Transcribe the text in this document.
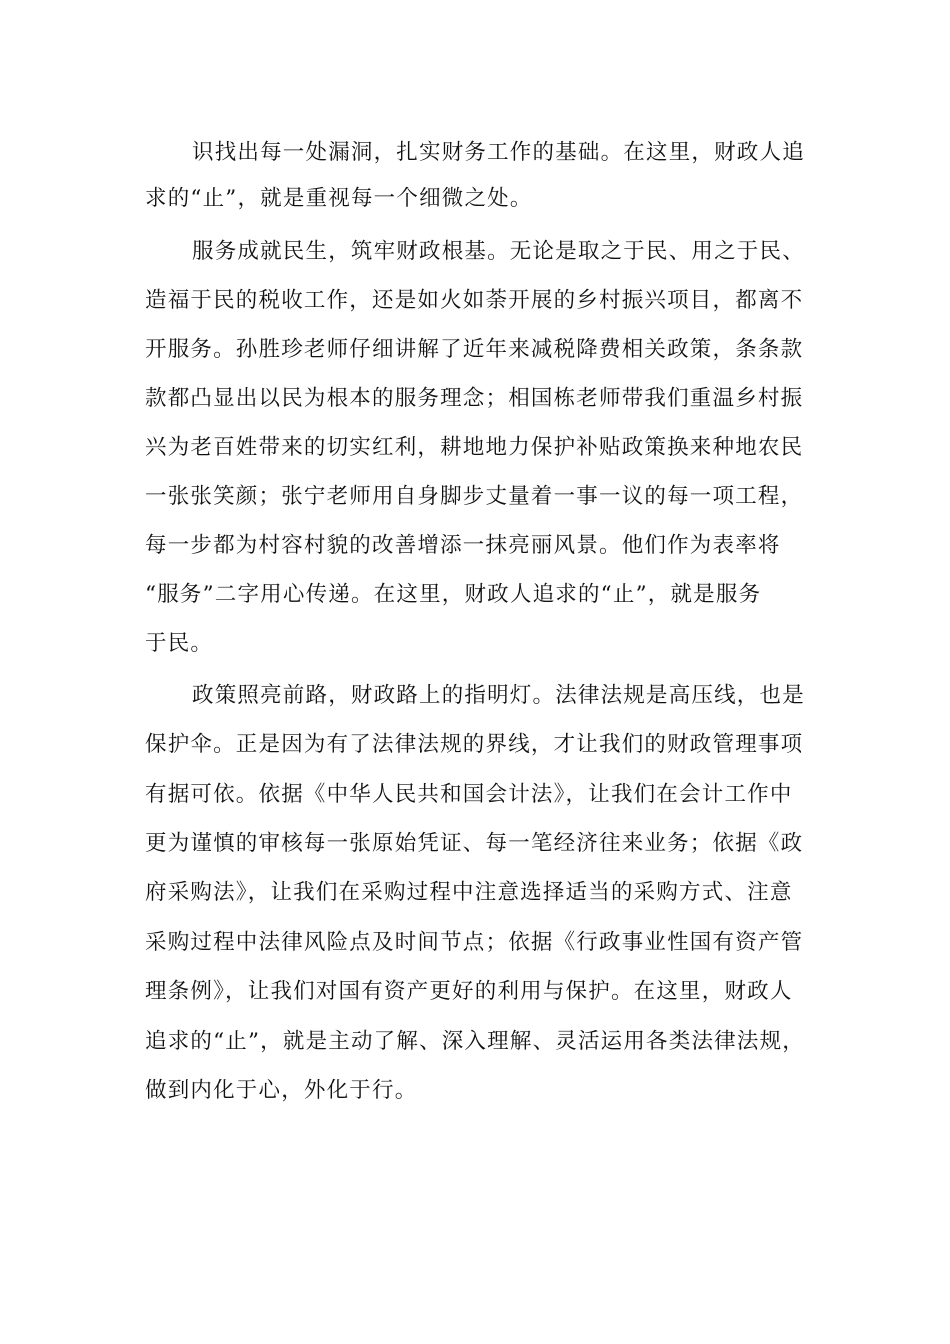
识找出每一处漏洞，扎实财务工作的基础。在这里，财政人追
求的“止”，就是重视每一个细微之处。
服务成就民生，筑牢财政根基。无论是取之于民、用之于民、
造福于民的税收工作，还是如火如荼开展的乡村振兴项目，都离不
开服务。孙胜珍老师仔细讲解了近年来减税降费相关政策，条条款
款都凸显出以民为根本的服务理念；相国栋老师带我们重温乡村振
兴为老百姓带来的切实红利，耕地地力保护补贴政策换来种地农民
一张张笑颜；张宁老师用自身脚步丈量着一事一议的每一项工程，
每一步都为村容村貌的改善增添一抹亮丽风景。他们作为表率将
“服务”二字用心传递。在这里，财政人追求的“止”，就是服务
于民。
政策照亮前路，财政路上的指明灯。法律法规是高压线，也是
保护伞。正是因为有了法律法规的界线，才让我们的财政管理事项
有据可依。依据《中华人民共和国会计法》，让我们在会计工作中
更为谨慎的审核每一张原始凭证、每一笔经济往来业务；依据《政
府采购法》，让我们在采购过程中注意选择适当的采购方式、注意
采购过程中法律风险点及时间节点；依据《行政事业性国有资产管
理条例》，让我们对国有资产更好的利用与保护。在这里，财政人
追求的“止”，就是主动了解、深入理解、灵活运用各类法律法规，
做到内化于心，外化于行。
